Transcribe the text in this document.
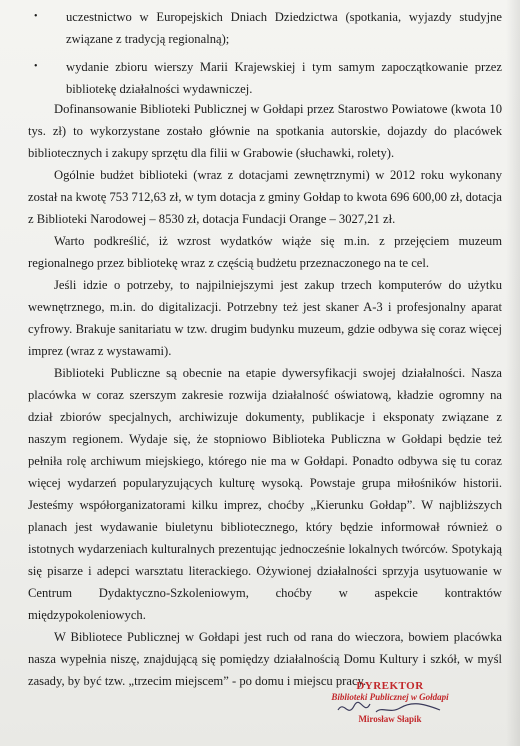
• uczestnictwo w Europejskich Dniach Dziedzictwa (spotkania, wyjazdy studyjne związane z tradycją regionalną);
• wydanie zbioru wierszy Marii Krajewskiej i tym samym zapoczątkowanie przez bibliotekę działalności wydawniczej.

Dofinansowanie Biblioteki Publicznej w Gołdapi przez Starostwo Powiatowe (kwota 10 tys. zł) to wykorzystane zostało głównie na spotkania autorskie, dojazdy do placówek bibliotecznych i zakupy sprzętu dla filii w Grabowie (słuchawki, rolety).

Ogólnie budżet biblioteki (wraz z dotacjami zewnętrznymi) w 2012 roku wykonany został na kwotę 753 712,63 zł, w tym dotacja z gminy Gołdap to kwota 696 600,00 zł, dotacja z Biblioteki Narodowej – 8530 zł, dotacja Fundacji Orange – 3027,21 zł.

Warto podkreślić, iż wzrost wydatków wiąże się m.in. z przejęciem muzeum regionalnego przez bibliotekę wraz z częścią budżetu przeznaczonego na te cel.

Jeśli idzie o potrzeby, to najpilniejszymi jest zakup trzech komputerów do użytku wewnętrznego, m.in. do digitalizacji. Potrzebny też jest skaner A-3 i profesjonalny aparat cyfrowy. Brakuje sanitariatu w tzw. drugim budynku muzeum, gdzie odbywa się coraz więcej imprez (wraz z wystawami).

Biblioteki Publiczne są obecnie na etapie dywersyfikacji swojej działalności. Nasza placówka w coraz szerszym zakresie rozwija działalność oświatową, kładzie ogromny na dział zbiorów specjalnych, archiwizuje dokumenty, publikacje i eksponaty związane z naszym regionem. Wydaje się, że stopniowo Biblioteka Publiczna w Gołdapi będzie też pełniła rolę archiwum miejskiego, którego nie ma w Gołdapi. Ponadto odbywa się tu coraz więcej wydarzeń popularyzujących kulturę wysoką. Powstaje grupa miłośników historii. Jesteśmy współorganizatorami kilku imprez, choćby „Kierunku Gołdap”. W najbliższych planach jest wydawanie biuletynu bibliotecznego, który będzie informował również o istotnych wydarzeniach kulturalnych prezentując jednocześnie lokalnych twórców. Spotykają się pisarze i adepci warsztatu literackiego. Ożywionej działalności sprzyja usytuowanie w Centrum Dydaktyczno-Szkoleniowym, choćby w aspekcie kontraktów międzypokoleniowych.

W Bibliotece Publicznej w Gołdapi jest ruch od rana do wieczora, bowiem placówka nasza wypełnia niszę, znajdującą się pomiędzy działalnością Domu Kultury i szkół, w myśl zasady, by być tzw. „trzecim miejscem” - po domu i miejscu pracy.

DYREKTOR
Biblioteki Publicznej w Gołdapi
Mirosław Słapik
